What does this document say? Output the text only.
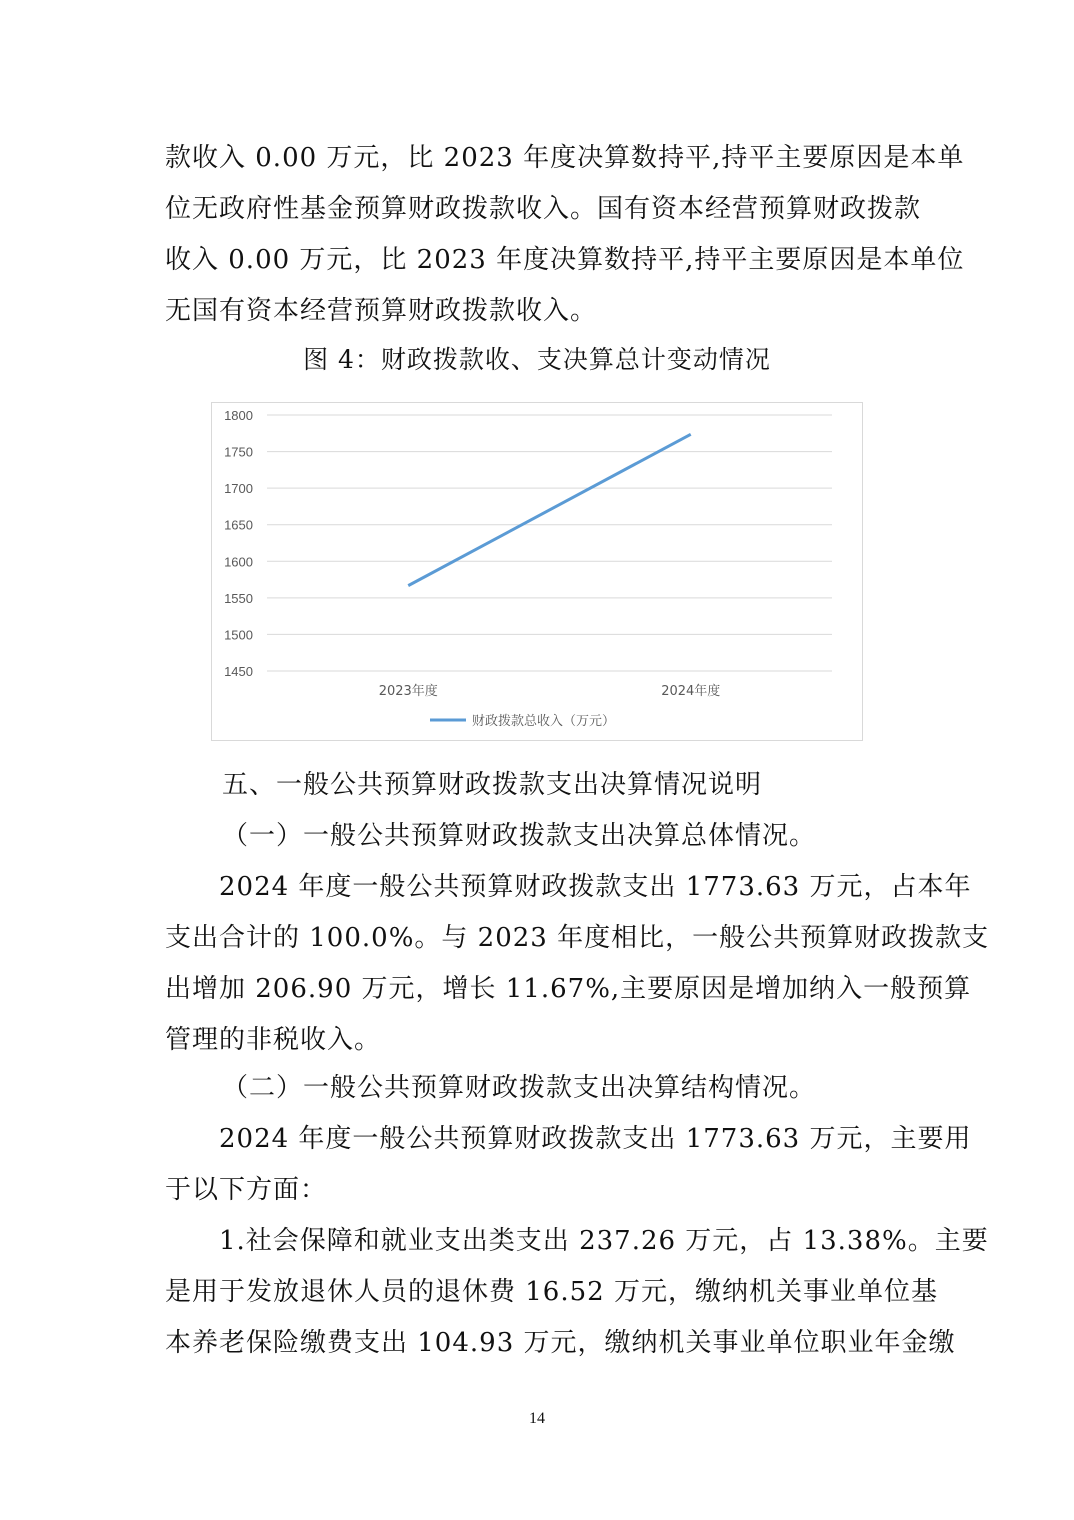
款收入 0.00 万元，比 2023 年度决算数持平,持平主要原因是本单

位无政府性基金预算财政拨款收入。国有资本经营预算财政拨款

收入 0.00 万元，比 2023 年度决算数持平,持平主要原因是本单位

无国有资本经营预算财政拨款收入。

图 4：财政拨款收、支决算总计变动情况
1450
1500
1550
1600
1650
1700
1750
1800
2023年度	2024年度
财政拨款总收入（万元）
五、一般公共预算财政拨款支出决算情况说明
（一）一般公共预算财政拨款支出决算总体情况。

　　2024 年度一般公共预算财政拨款支出 1773.63 万元，占本年

支出合计的 100.0%。与 2023 年度相比，一般公共预算财政拨款支

出增加 206.90 万元，增长 11.67%,主要原因是增加纳入一般预算

管理的非税收入。

（二）一般公共预算财政拨款支出决算结构情况。

　　2024 年度一般公共预算财政拨款支出 1773.63 万元，主要用

于以下方面：

　　1.社会保障和就业支出类支出 237.26 万元，占 13.38%。主要

是用于发放退休人员的退休费 16.52 万元，缴纳机关事业单位基

本养老保险缴费支出 104.93 万元，缴纳机关事业单位职业年金缴

14
